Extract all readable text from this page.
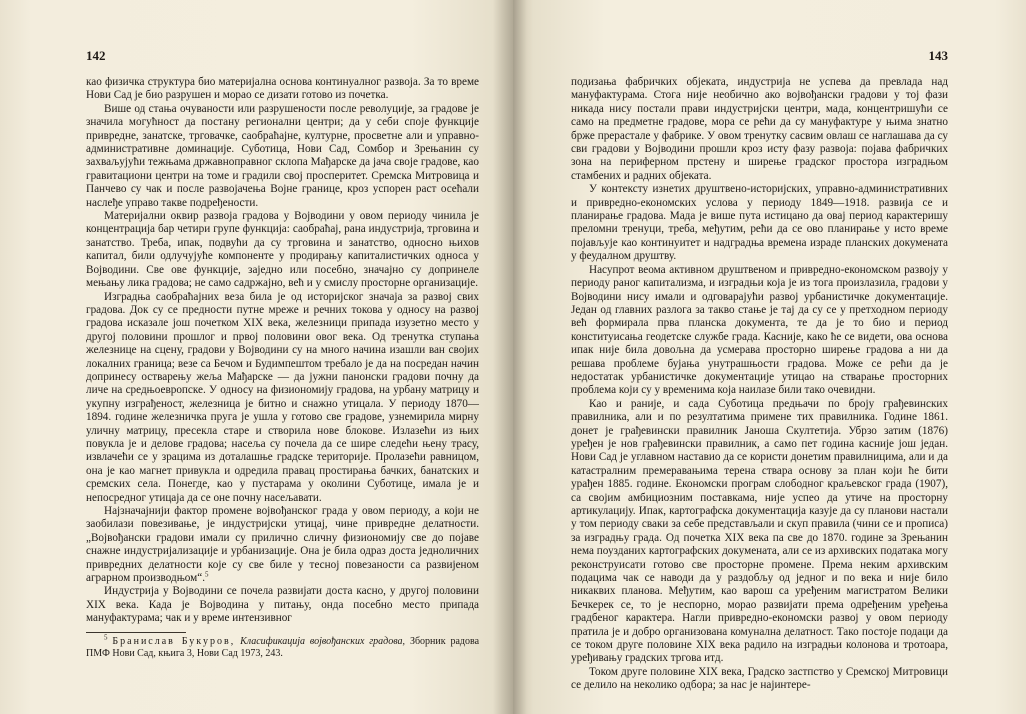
142

као физичка структура био материјална основа континуалног развоја. За то време Нови Сад је био разрушен и морао се дизати готово из почетка.

Више од стања очуваности или разрушености после револуције, за градове је значила могућност да постану регионални центри; да у себи споје функције привредне, занатске, трговачке, саобраћајне, културне, просветне али и управно-административне доминације. Суботица, Нови Сад, Сомбор и Зрењанин су захваљујући тежњама државноправног склопа Мађарске да јача своје градове, као гравитациони центри на томе и градили свој просперитет. Сремска Митровица и Панчево су чак и после развојачења Војне границе, кроз успорен раст осећали наслеђе управо такве подређености.

Материјални оквир развоја градова у Војводини у овом периоду чинила је концентрација бар четири групе функција: саобраћај, рана индустрија, трговина и занатство. Треба, ипак, подвући да су трговина и занатство, односно њихов капитал, били одлучујуће компоненте у продирању капиталистичких односа у Војводини. Све ове функције, заједно или посебно, значајно су допринеле мењању лика градова; не само садржајно, већ и у смислу просторне организације.

Изградња саобраћајних веза била је од историјског значаја за развој свих градова. Док су се предности путне мреже и речних токова у односу на развој градова исказале још почетком XIX века, железници припада изузетно место у другој половини прошлог и првој половини овог века. Од тренутка ступања железнице на сцену, градови у Војводини су на много начина изашли ван својих локалних граница; везе са Бечом и Будимпештом требало је да на посредан начин допринесу остварењу жеља Мађарске — да јужни панонски градови почну да личе на средњоевропске. У односу на физиономију градова, на урбану матрицу и укупну изграђеност, железница је битно и снажно утицала. У периоду 1870—1894. године железничка пруга је ушла у готово све градове, узнемирила мирну уличну матрицу, пресекла старе и створила нове блокове. Излазећи из њих повукла је и делове градова; насеља су почела да се шире следећи њену трасу, извлачећи се у зрацима из доталашње градске територије. Пролазећи равницом, она је као магнет привукла и одредила правац простирања бачких, банатских и сремских села. Понегде, као у пустарама у околини Суботице, имала је и непосредног утицаја да се оне почну насељавати.

Најзначајнији фактор промене војвођанског града у овом периоду, а који не заобилази повезивање, је индустријски утицај, чине привредне делатности. „Војвођански градови имали су прилично сличну физиономију све до појаве снажне индустријализације и урбанизације. Она је била одраз доста једноличних привредних делатности које су све биле у тесној повезаности са развијеном аграрном производњом“.$^5$

Индустрија у Војводини се почела развијати доста касно, у другој половини XIX века. Када је Војводина у питању, онда посебно место припада мануфактурама; чак и у време интензивног

$^5$ Бранислав Букуров, Класификација војвођанских градова, Зборник радова ПМФ Нови Сад, књига 3, Нови Сад 1973, 243.

143

подизања фабричких објеката, индустрија не успева да превлада над мануфактурама. Стога није необично ако војвођански градови у тој фази никада нису постали прави индустријски центри, мада, концентришући се само на предметне градове, мора се рећи да су мануфактуре у њима знатно брже прерастале у фабрике. У овом тренутку сасвим овлаш се наглашава да су сви градови у Војводини прошли кроз исту фазу развоја: појава фабричких зона на периферном прстену и ширење градског простора изградњом стамбених и радних објеката.

У контексту изнетих друштвено-историјских, управно-административних и привредно-економских услова у периоду 1849—1918. развија се и планирање градова. Мада је више пута истицано да овај период карактеришу преломни тренуци, треба, међутим, рећи да се ово планирање у исто време појављује као континуитет и надградња времена израде планских докумената у феудалном друштву.

Насупрот веома активном друштвеном и привредно-економском развоју у периоду раног капитализма, и изградњи која је из тога произлазила, градови у Војводини нису имали и одговарајући развој урбанистичке документације. Један од главних разлога за такво стање је тај да су се у претходном периоду већ формирала прва планска документа, те да је то био и период конституисања геодетске службе града. Касније, како ће се видети, ова основа ипак није била довољна да усмерава просторно ширење градова а ни да решава проблеме бујања унутрашњости градова. Може се рећи да је недостатак урбанистичке документације утицао на стварање просторних проблема који су у временима која наилазе били тако очевидни.

Као и раније, и сада Суботица предњачи по броју грађевинских правилника, али и по резултатима примене тих правилника. Године 1861. донет је грађевински правилник Јаноша Скултетија. Убрзо затим (1876) уређен је нов грађевински правилник, а само пет година касније још један. Нови Сад је углавном наставио да се користи донетим правилницима, али и да катастралним премеравањима терена ствара основу за план који ће бити урађен 1885. године. Економски програм слободног краљевског града (1907), са својим амбициозним поставкама, није успео да утиче на просторну артикулацију. Ипак, картографска документација казује да су планови настали у том периоду сваки за себе представљали и скуп правила (чини се и прописа) за изградњу града. Од почетка XIX века па све до 1870. године за Зрењанин нема поузданих картографских докумената, али се из архивских података могу реконструисати готово све просторне промене. Према неким архивским подацима чак се наводи да у раздобљу од једног и по века и није било никаквих планова. Међутим, као варош са уређеним магистратом Велики Бечкерек се, то је неспорно, морао развијати према одређеним уређења градбеног карактера. Нагли привредно-економски развој у овом периоду пратила је и добро организована комунална делатност. Тако постоје подаци да се током друге половине XIX века радило на изградњи колонова и тротоара, уређивању градских тргова итд.

Током друге половине XIX века, Градско застпство у Сремској Митровици се делило на неколико одбора; за нас је најинтере-
